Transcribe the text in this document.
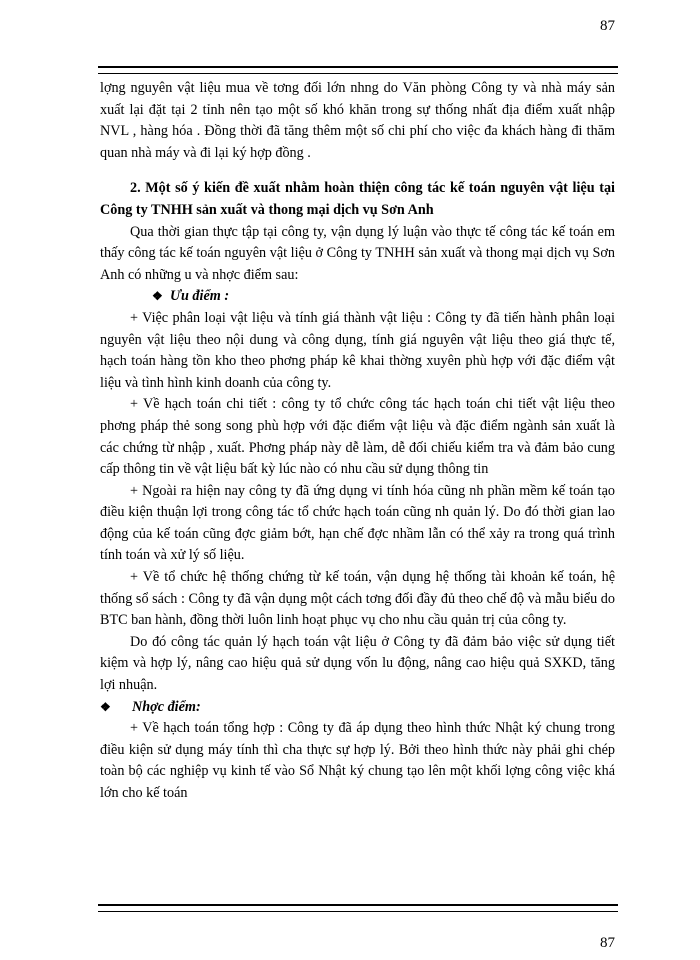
87

lợng nguyên vật liệu mua về tơng đối lớn nhng do Văn phòng Công ty và nhà máy sản xuất lại đặt tại 2 tỉnh nên tạo một số khó khăn trong sự thống nhất địa điểm xuất nhập NVL , hàng hóa . Đồng thời đã tăng thêm một số chi phí cho việc đa khách hàng đi thăm quan nhà máy và đi lại ký hợp đồng .

2. Một số ý kiến đề xuất nhằm hoàn thiện công tác kế toán nguyên vật liệu tại Công ty TNHH sản xuất và thong mại dịch vụ Sơn Anh

Qua thời gian thực tập tại công ty, vận dụng lý luận vào thực tế công tác kế toán em thấy công tác kế toán nguyên vật liệu ở Công ty TNHH sản xuất và thong mại dịch vụ Sơn Anh có những u và nhợc điểm sau:

❖ Ưu điểm :

+ Việc phân loại vật liệu và tính giá thành vật liệu : Công ty đã tiến hành phân loại nguyên vật liệu theo nội dung và công dụng, tính giá nguyên vật liệu theo giá thực tế, hạch toán hàng tồn kho theo phơng pháp kê khai thờng xuyên phù hợp với đặc điểm vật liệu và tình hình kinh doanh của công ty.

+ Về hạch toán chi tiết : công ty tổ chức công tác hạch toán chi tiết vật liệu theo phơng pháp thẻ song song phù hợp với đặc điểm vật liệu và đặc điểm ngành sản xuất là các chứng từ nhập , xuất. Phơng pháp này dễ làm, dễ đối chiếu kiểm tra và đảm bảo cung cấp thông tin về vật liệu bất kỳ lúc nào có nhu cầu sử dụng thông tin

+ Ngoài ra hiện nay công ty đã ứng dụng vi tính hóa cũng nh phần mềm kế toán tạo điều kiện thuận lợi trong công tác tổ chức hạch toán cũng nh quản lý. Do đó thời gian lao động của kế toán cũng đợc giảm bớt, hạn chế đợc nhầm lẫn có thể xảy ra trong quá trình tính toán và xử lý số liệu.

+ Về tổ chức hệ thống chứng từ kế toán, vận dụng hệ thống tài khoản kế toán, hệ thống sổ sách : Công ty đã vận dụng một cách tơng đối đầy đủ theo chế độ và mẫu biểu do BTC ban hành, đồng thời luôn linh hoạt phục vụ cho nhu cầu quản trị của công ty.

Do đó công tác quản lý hạch toán vật liệu ở Công ty đã đảm bảo việc sử dụng tiết kiệm và hợp lý, nâng cao hiệu quả sử dụng vốn lu động, nâng cao hiệu quả SXKD, tăng lợi nhuận.

❖ Nhợc điểm:

+ Về hạch toán tổng hợp : Công ty đã áp dụng theo hình thức Nhật ký chung trong điều kiện sử dụng máy tính thì cha thực sự hợp lý. Bởi theo hình thức này phải ghi chép toàn bộ các nghiệp vụ kinh tế vào Sổ Nhật ký chung tạo lên một khối lợng công việc khá lớn cho kế toán

87
